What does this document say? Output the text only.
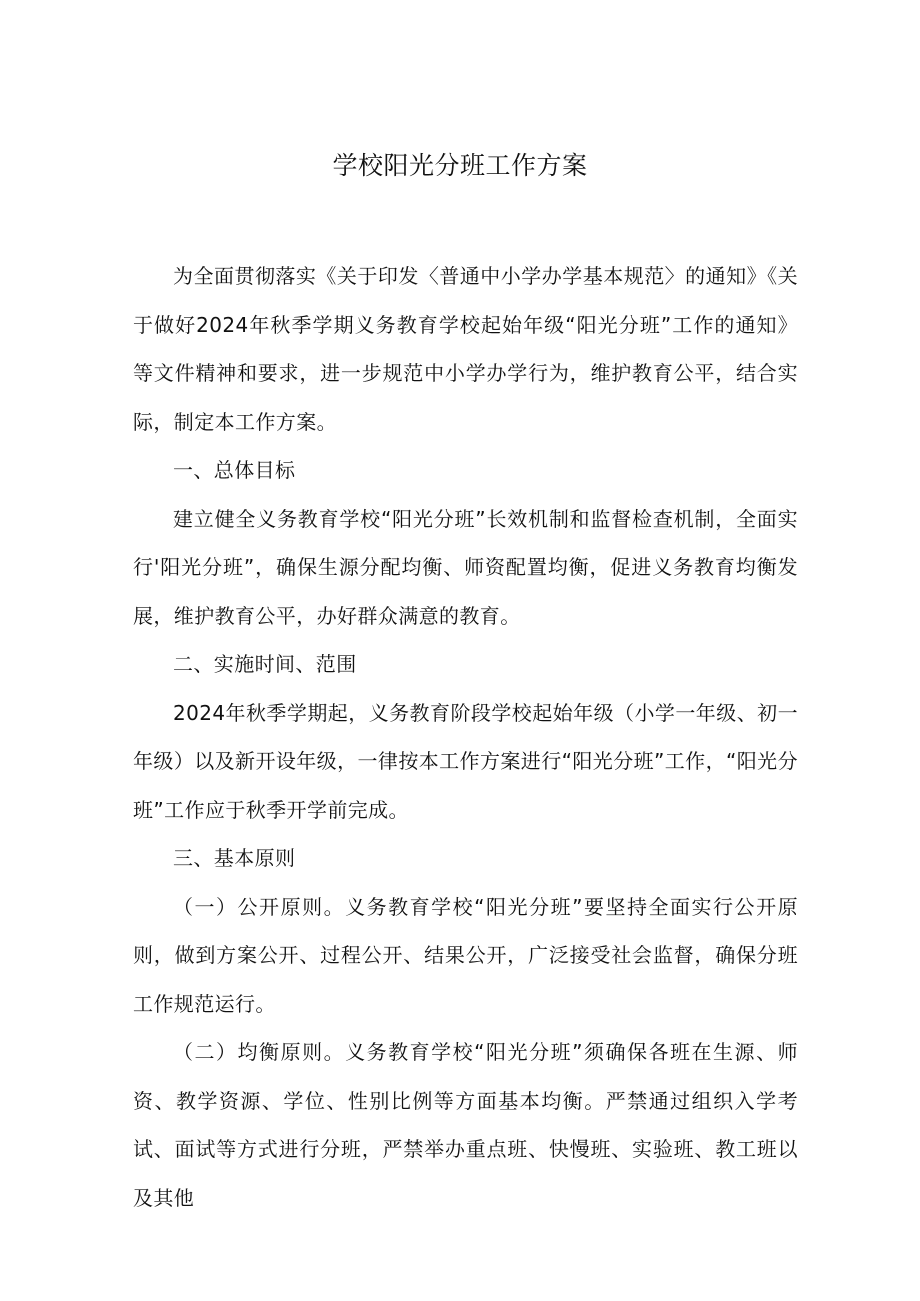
学校阳光分班工作方案

为全面贯彻落实《关于印发〈普通中小学办学基本规范〉的通知》《关于做好2024年秋季学期义务教育学校起始年级“阳光分班”工作的通知》等文件精神和要求，进一步规范中小学办学行为，维护教育公平，结合实际，制定本工作方案。

一、总体目标

建立健全义务教育学校“阳光分班”长效机制和监督检查机制，全面实行'阳光分班”，确保生源分配均衡、师资配置均衡，促进义务教育均衡发展，维护教育公平，办好群众满意的教育。

二、实施时间、范围

2024年秋季学期起，义务教育阶段学校起始年级（小学一年级、初一年级）以及新开设年级，一律按本工作方案进行“阳光分班”工作，“阳光分班”工作应于秋季开学前完成。

三、基本原则

（一）公开原则。义务教育学校“阳光分班”要坚持全面实行公开原则，做到方案公开、过程公开、结果公开，广泛接受社会监督，确保分班工作规范运行。

（二）均衡原则。义务教育学校“阳光分班”须确保各班在生源、师资、教学资源、学位、性别比例等方面基本均衡。严禁通过组织入学考试、面试等方式进行分班，严禁举办重点班、快慢班、实验班、教工班以及其他
